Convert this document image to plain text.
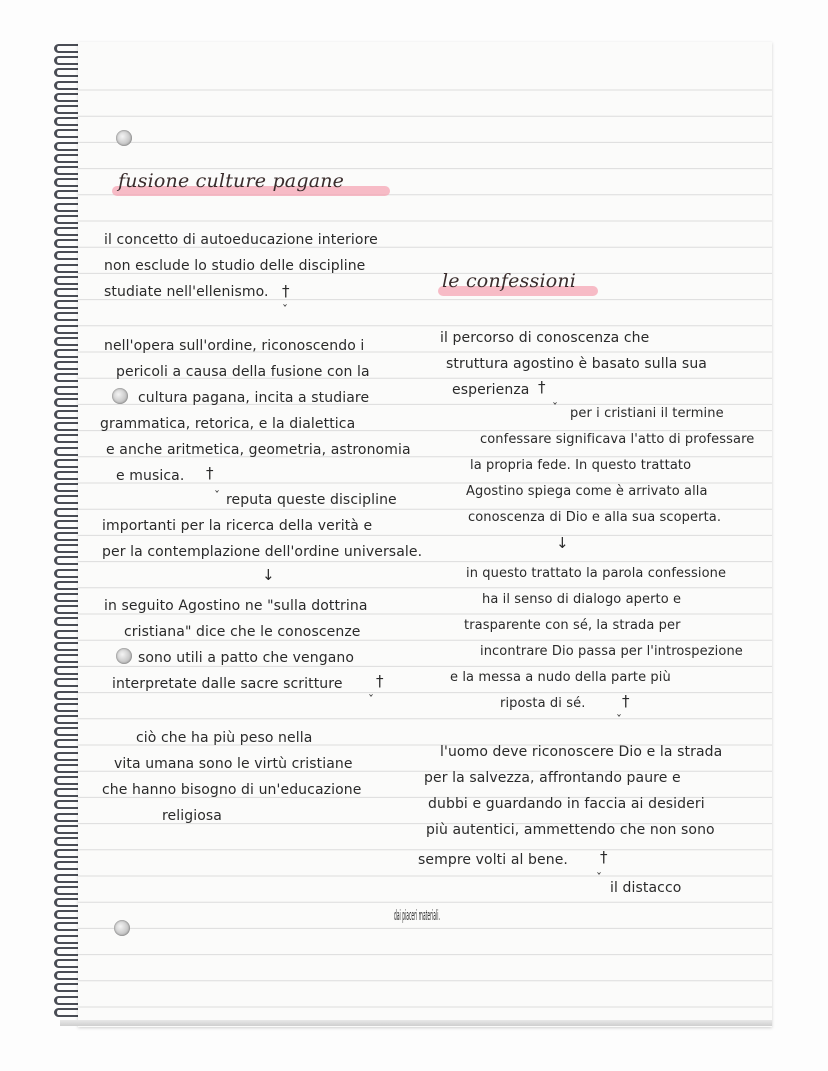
fusione culture pagane
il concetto di autoeducazione interiore
non esclude lo studio delle discipline
studiate nell'ellenismo. †
ˇ
nell'opera sull'ordine, riconoscendo i
pericoli a causa della fusione con la
cultura pagana, incita a studiare
grammatica, retorica, e la dialettica
e anche aritmetica, geometria, astronomia
e musica. †
ˇ reputa queste discipline
importanti per la ricerca della verità e
per la contemplazione dell'ordine universale.
↓
in seguito Agostino ne "sulla dottrina
cristiana" dice che le conoscenze
sono utili a patto che vengano
interpretate dalle sacre scritture †
ˇ
ciò che ha più peso nella
vita umana sono le virtù cristiane
che hanno bisogno di un'educazione
religiosa
le confessioni
il percorso di conoscenza che
struttura agostino è basato sulla sua
esperienza †
ˇ per i cristiani il termine
confessare significava l'atto di professare
la propria fede. In questo trattato
Agostino spiega come è arrivato alla
conoscenza di Dio e alla sua scoperta.
↓
in questo trattato la parola confessione
ha il senso di dialogo aperto e
trasparente con sé, la strada per
incontrare Dio passa per l'introspezione
e la messa a nudo della parte più
riposta di sé. †
ˇ
l'uomo deve riconoscere Dio e la strada
per la salvezza, affrontando paure e
dubbi e guardando in faccia ai desideri
più autentici, ammettendo che non sono
sempre volti al bene. †
ˇ
il distacco
dai piaceri materiali.
